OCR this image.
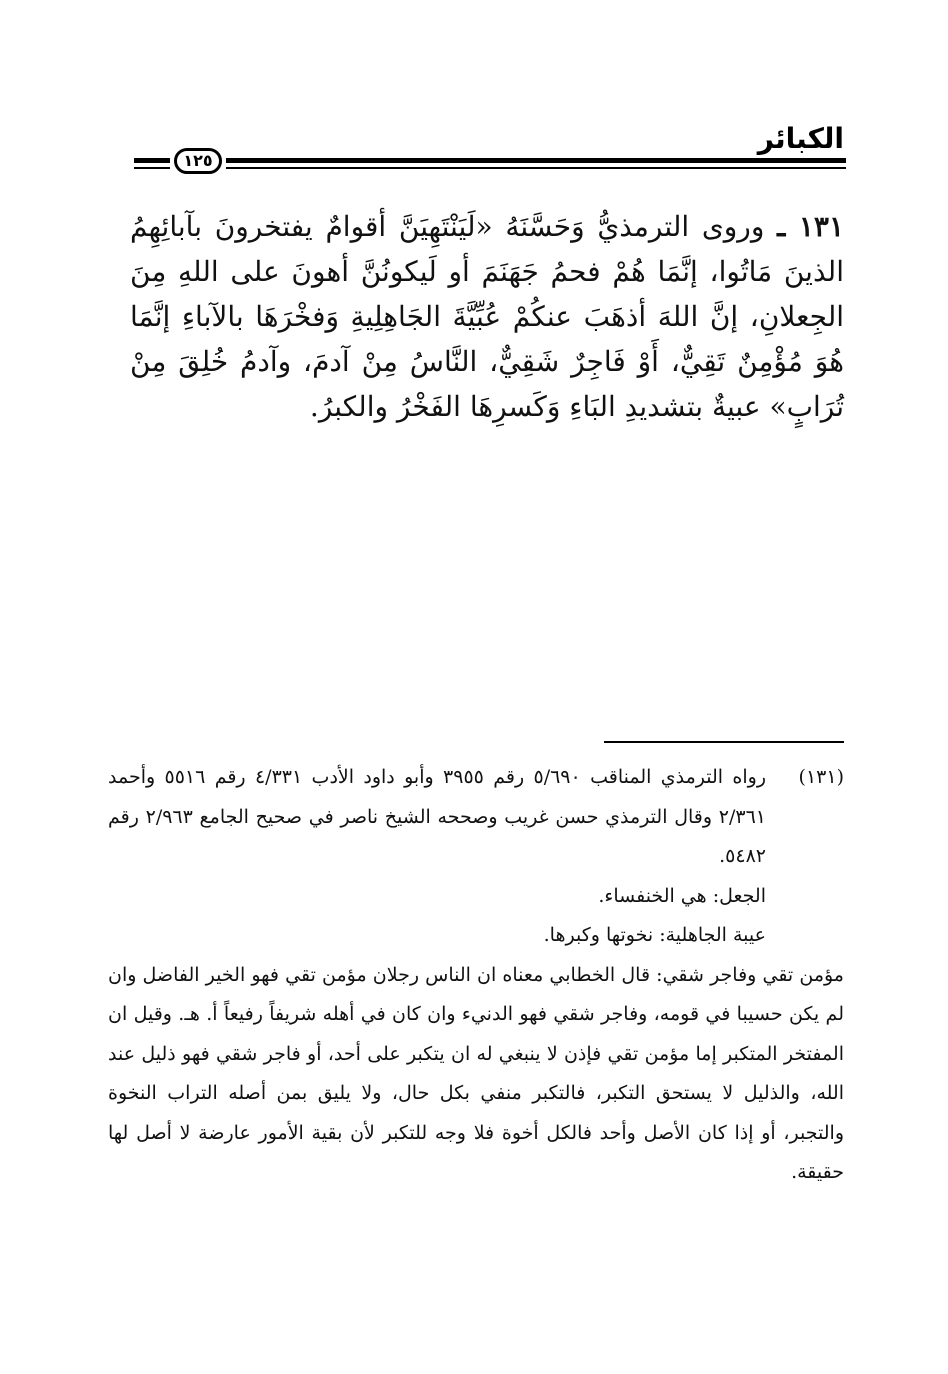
الكبائر
١٢٥
١٣١ ـ وروى الترمذيُّ وَحَسَّنَهُ «لَيَنْتَهِيَنَّ أقوامٌ يفتخرونَ بآبائِهِمُ الذينَ مَاتُوا، إنَّمَا هُمْ فحمُ جَهَنَمَ أو لَيكونُنَّ أهونَ على اللهِ مِنَ الجِعلانِ، إنَّ اللهَ أذهَبَ عنكُمْ عُبِّيَّةَ الجَاهِلِيةِ وَفخْرَهَا بالآباءِ إنَّمَا هُوَ مُؤْمِنٌ تَقِيٌّ، أَوْ فَاجِرٌ شَقِيٌّ، النَّاسُ مِنْ آدمَ، وآدمُ خُلِقَ مِنْ تُرَابٍ» عبيةٌ بتشديدِ البَاءِ وَكَسرِهَا الفَخْرُ والكبرُ.
(١٣١)
رواه الترمذي المناقب ٥/٦٩٠ رقم ٣٩٥٥ وأبو داود الأدب ٤/٣٣١ رقم ٥٥١٦ وأحمد ٢/٣٦١ وقال الترمذي حسن غريب وصححه الشيخ ناصر في صحيح الجامع ٢/٩٦٣ رقم ٥٤٨٢.
الجعل: هي الخنفساء.
عيبة الجاهلية: نخوتها وكبرها.
مؤمن تقي وفاجر شقي: قال الخطابي معناه ان الناس رجلان مؤمن تقي فهو الخير الفاضل وان لم يكن حسيبا في قومه، وفاجر شقي فهو الدنيء وان كان في أهله شريفاً رفيعاً أ. هـ. وقيل ان المفتخر المتكبر إما مؤمن تقي فإذن لا ينبغي له ان يتكبر على أحد، أو فاجر شقي فهو ذليل عند الله، والذليل لا يستحق التكبر، فالتكبر منفي بكل حال، ولا يليق بمن أصله التراب النخوة والتجبر، أو إذا كان الأصل وأحد فالكل أخوة فلا وجه للتكبر لأن بقية الأمور عارضة لا أصل لها حقيقة.
